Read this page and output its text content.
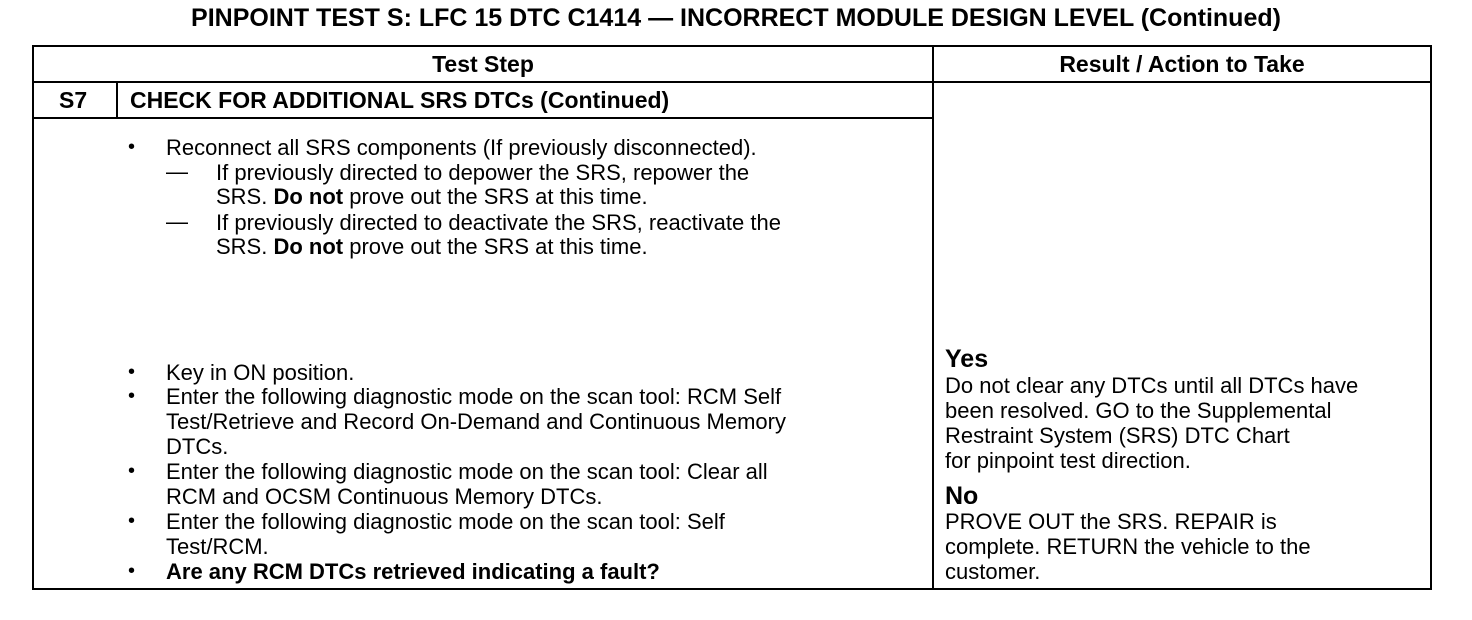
PINPOINT TEST S: LFC 15 DTC C1414 — INCORRECT MODULE DESIGN LEVEL (Continued)
Test Step	Result / Action to Take
S7 CHECK FOR ADDITIONAL SRS DTCs (Continued)
• Reconnect all SRS components (If previously disconnected).
— If previously directed to depower the SRS, repower the
SRS. Do not prove out the SRS at this time.
— If previously directed to deactivate the SRS, reactivate the
SRS. Do not prove out the SRS at this time.
• Key in ON position.
• Enter the following diagnostic mode on the scan tool: RCM Self
Test/Retrieve and Record On-Demand and Continuous Memory
DTCs.
• Enter the following diagnostic mode on the scan tool: Clear all
RCM and OCSM Continuous Memory DTCs.
• Enter the following diagnostic mode on the scan tool: Self
Test/RCM.
• Are any RCM DTCs retrieved indicating a fault?
Yes
Do not clear any DTCs until all DTCs have
been resolved. GO to the Supplemental
Restraint System (SRS) DTC Chart
for pinpoint test direction.
No
PROVE OUT the SRS. REPAIR is
complete. RETURN the vehicle to the
customer.
